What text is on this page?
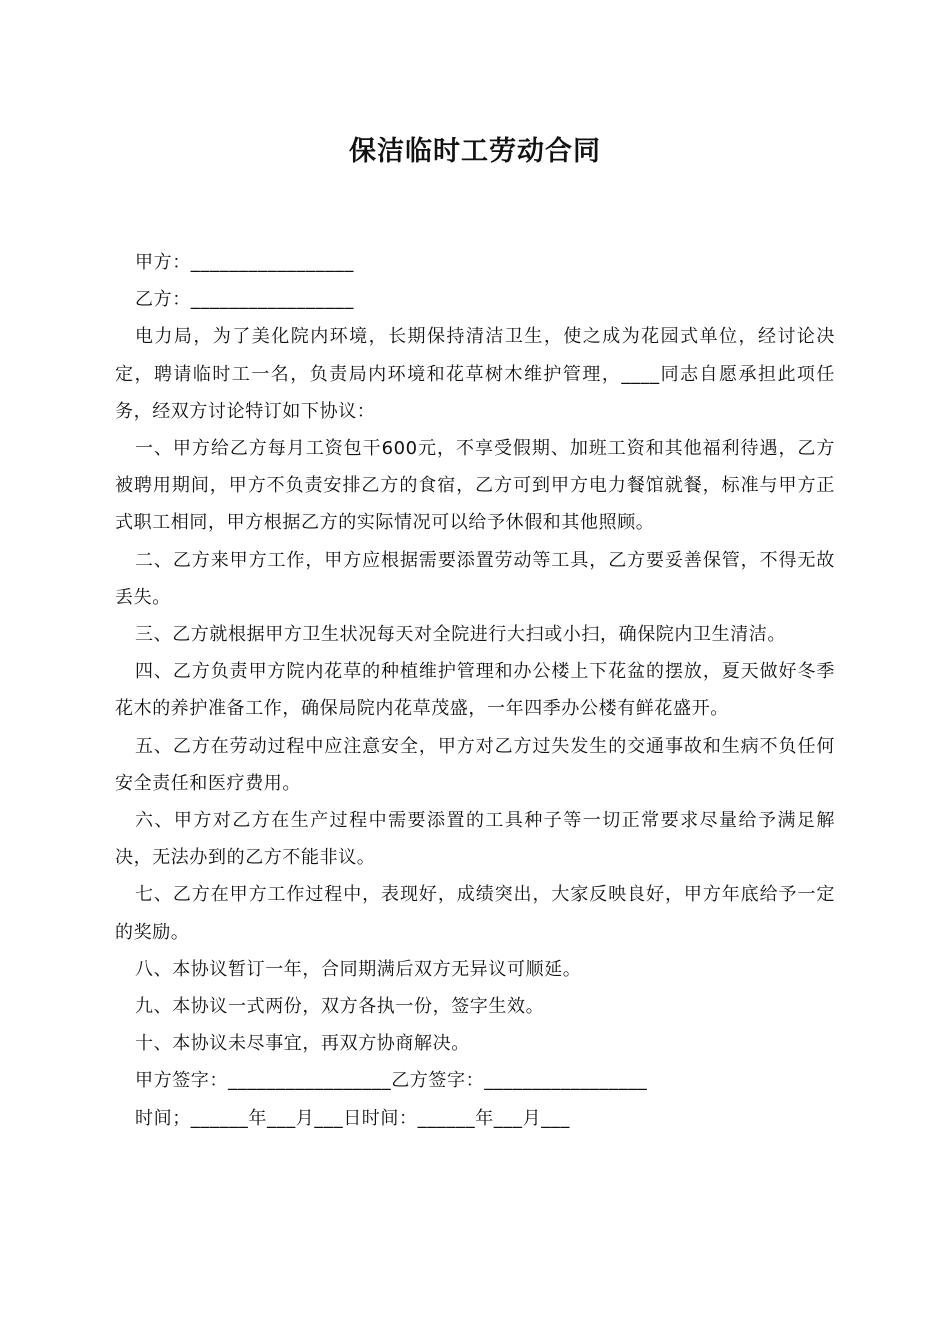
保洁临时工劳动合同

甲方：_________________

乙方：_________________

电力局，为了美化院内环境，长期保持清洁卫生，使之成为花园式单位，经讨论决定，聘请临时工一名，负责局内环境和花草树木维护管理，____同志自愿承担此项任务，经双方讨论特订如下协议：

一、甲方给乙方每月工资包干600元，不享受假期、加班工资和其他福利待遇，乙方被聘用期间，甲方不负责安排乙方的食宿，乙方可到甲方电力餐馆就餐，标准与甲方正式职工相同，甲方根据乙方的实际情况可以给予休假和其他照顾。

二、乙方来甲方工作，甲方应根据需要添置劳动等工具，乙方要妥善保管，不得无故丢失。

三、乙方就根据甲方卫生状况每天对全院进行大扫或小扫，确保院内卫生清洁。

四、乙方负责甲方院内花草的种植维护管理和办公楼上下花盆的摆放，夏天做好冬季花木的养护准备工作，确保局院内花草茂盛，一年四季办公楼有鲜花盛开。

五、乙方在劳动过程中应注意安全，甲方对乙方过失发生的交通事故和生病不负任何安全责任和医疗费用。

六、甲方对乙方在生产过程中需要添置的工具种子等一切正常要求尽量给予满足解决，无法办到的乙方不能非议。

七、乙方在甲方工作过程中，表现好，成绩突出，大家反映良好，甲方年底给予一定的奖励。

八、本协议暂订一年，合同期满后双方无异议可顺延。

九、本协议一式两份，双方各执一份，签字生效。

十、本协议未尽事宜，再双方协商解决。

甲方签字：_________________乙方签字：_________________

时间；______年___月___日时间：______年___月___
